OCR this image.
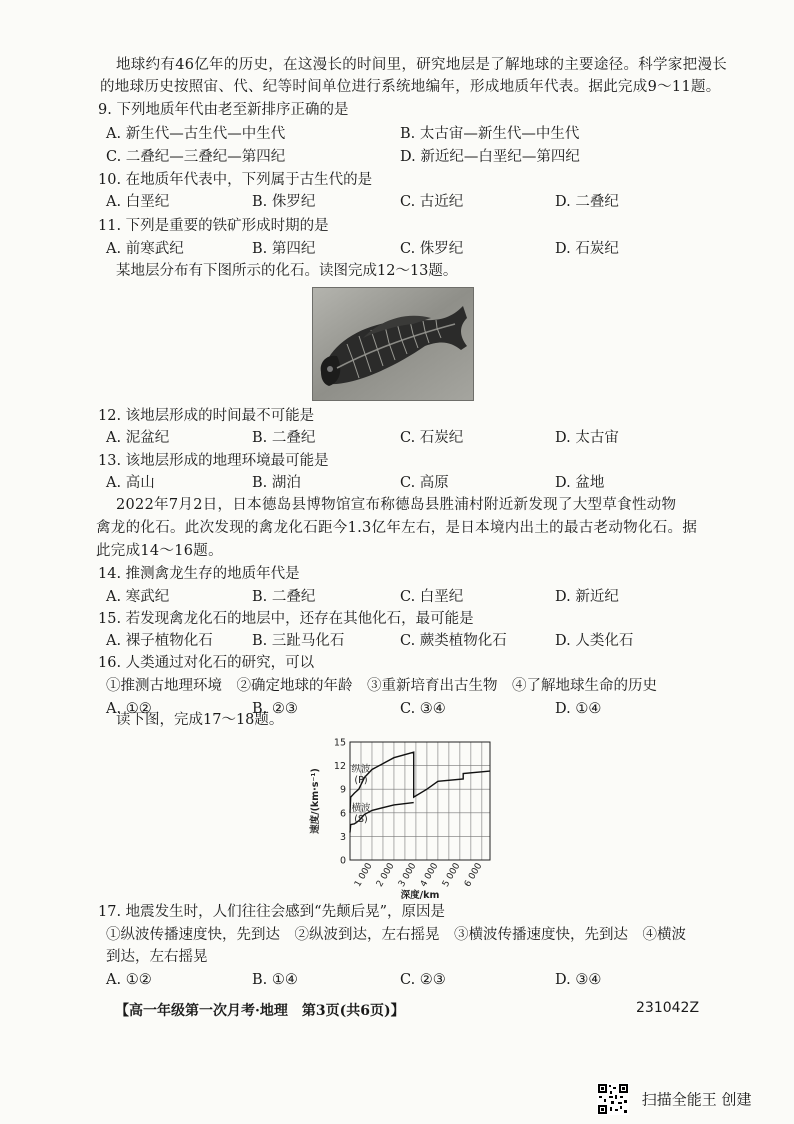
地球约有46亿年的历史，在这漫长的时间里，研究地层是了解地球的主要途径。科学家把漫长
的地球历史按照宙、代、纪等时间单位进行系统地编年，形成地质年代表。据此完成9～11题。
9. 下列地质年代由老至新排序正确的是
A. 新生代—古生代—中生代	B. 太古宙—新生代—中生代
C. 二叠纪—三叠纪—第四纪	D. 新近纪—白垩纪—第四纪
10. 在地质年代表中，下列属于古生代的是
A. 白垩纪	B. 侏罗纪	C. 古近纪	D. 二叠纪
11. 下列是重要的铁矿形成时期的是
A. 前寒武纪	B. 第四纪	C. 侏罗纪	D. 石炭纪
某地层分布有下图所示的化石。读图完成12～13题。
12. 该地层形成的时间最不可能是
A. 泥盆纪	B. 二叠纪	C. 石炭纪	D. 太古宙
13. 该地层形成的地理环境最可能是
A. 高山	B. 湖泊	C. 高原	D. 盆地
2022年7月2日，日本德岛县博物馆宣布称德岛县胜浦村附近新发现了大型草食性动物
禽龙的化石。此次发现的禽龙化石距今1.3亿年左右，是日本境内出土的最古老动物化石。据
此完成14～16题。
14. 推测禽龙生存的地质年代是
A. 寒武纪	B. 二叠纪	C. 白垩纪	D. 新近纪
15. 若发现禽龙化石的地层中，还存在其他化石，最可能是
A. 裸子植物化石	B. 三趾马化石	C. 蕨类植物化石	D. 人类化石
16. 人类通过对化石的研究，可以
①推测古地理环境　②确定地球的年龄　③重新培育出古生物　④了解地球生命的历史
A. ①②	B. ②③	C. ③④	D. ①④
读下图，完成17～18题。
0
3
6
9
12
15
1 000 2 000 3 000 4 000 5 000 6 000
深度/km
速度/(km·s⁻¹)	纵波
(P)
横波
(S)
17. 地震发生时，人们往往会感到“先颠后晃”，原因是
①纵波传播速度快，先到达　②纵波到达，左右摇晃　③横波传播速度快，先到达　④横波
到达，左右摇晃
A. ①②	B. ①④	C. ②③	D. ③④
【高一年级第一次月考·地理　第3页(共6页)】	231042Z
扫描全能王 创建
